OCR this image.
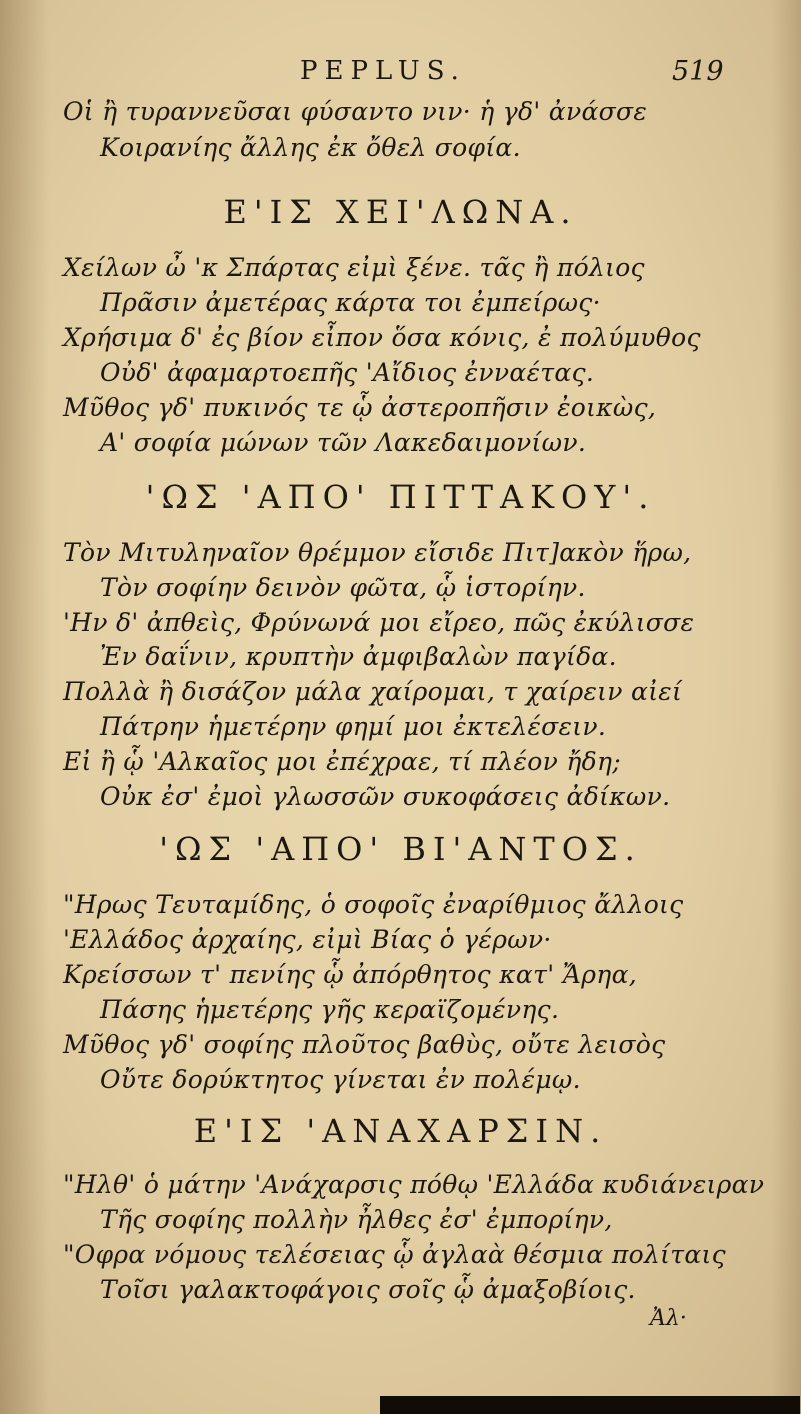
PEPLUS.	519
Οἱ ἢ τυραννεῦσαι φύσαντο νιν· ἡ γδ' ἀνάσσε
Κοιρανίης ἄλλης ἐκ ὄθελ σοφία.
Ε'ΙΣ ΧΕΙ'ΛΩΝΑ.
Χείλων ὦ 'κ Σπάρτας εἰμὶ ξένε. τᾶς ἢ πόλιος
Πρᾶσιν ἀμετέρας κάρτα τοι ἐμπείρως·
Χρήσιμα δ' ἐς βίον εἶπον ὅσα κόνις, ἐ πολύμυθος
Οὐδ' ἀφαμαρτοεπῆς 'Αἴδιος ἐνναέτας.
Μῦθος γδ' πυκινός τε ᾧ ἀστεροπῆσιν ἐοικὼς,
Α' σοφία μώνων τῶν Λακεδαιμονίων.
'ΩΣ 'ΑΠΟ' ΠΙΤΤΑΚΟΥ'.
Τὸν Μιτυληναῖον θρέμμον εἴσιδε Πιτ]ακὸν ἥρω,
Τὸν σοφίην δεινὸν φῶτα, ᾧ ἱστορίην.
'Ην δ' ἀπθεὶς, Φρύνωνά μοι εἴρεο, πῶς ἐκύλισσε
Ἐν δαΐνιν, κρυπτὴν ἀμφιβαλὼν παγίδα.
Πολλὰ ἢ δισάζον μάλα χαίρομαι, τ χαίρειν αἰεί
Πάτρην ἡμετέρην φημί μοι ἐκτελέσειν.
Εἰ ἢ ᾧ 'Αλκαῖος μοι ἐπέχραε, τί πλέον ἤδη;
Οὐκ ἐσ' ἐμοὶ γλωσσῶν συκοφάσεις ἀδίκων.
'ΩΣ 'ΑΠΟ' ΒΙ'ΑΝΤΟΣ.
"Ηρως Τευταμίδης, ὁ σοφοῖς ἐναρίθμιος ἄλλοις
'Ελλάδος ἀρχαίης, εἰμὶ Βίας ὁ γέρων·
Κρείσσων τ' πενίης ᾧ ἀπόρθητος κατ' Ἄρηα,
Πάσης ἡμετέρης γῆς κεραϊζομένης.
Μῦθος γδ' σοφίης πλοῦτος βαθὺς, οὔτε λεισὸς
Οὔτε δορύκτητος γίνεται ἐν πολέμῳ.
Ε'ΙΣ 'ΑΝΑΧΑΡΣΙΝ.
"Ηλθ' ὁ μάτην 'Ανάχαρσις πόθῳ 'Ελλάδα κυδιάνειραν
Τῆς σοφίης πολλὴν ἦλθες ἐσ' ἐμπορίην,
"Οφρα νόμους τελέσειας ᾧ ἀγλαὰ θέσμια πολίταις
Τοῖσι γαλακτοφάγοις σοῖς ᾧ ἀμαξοβίοις.
Ἀλ·
